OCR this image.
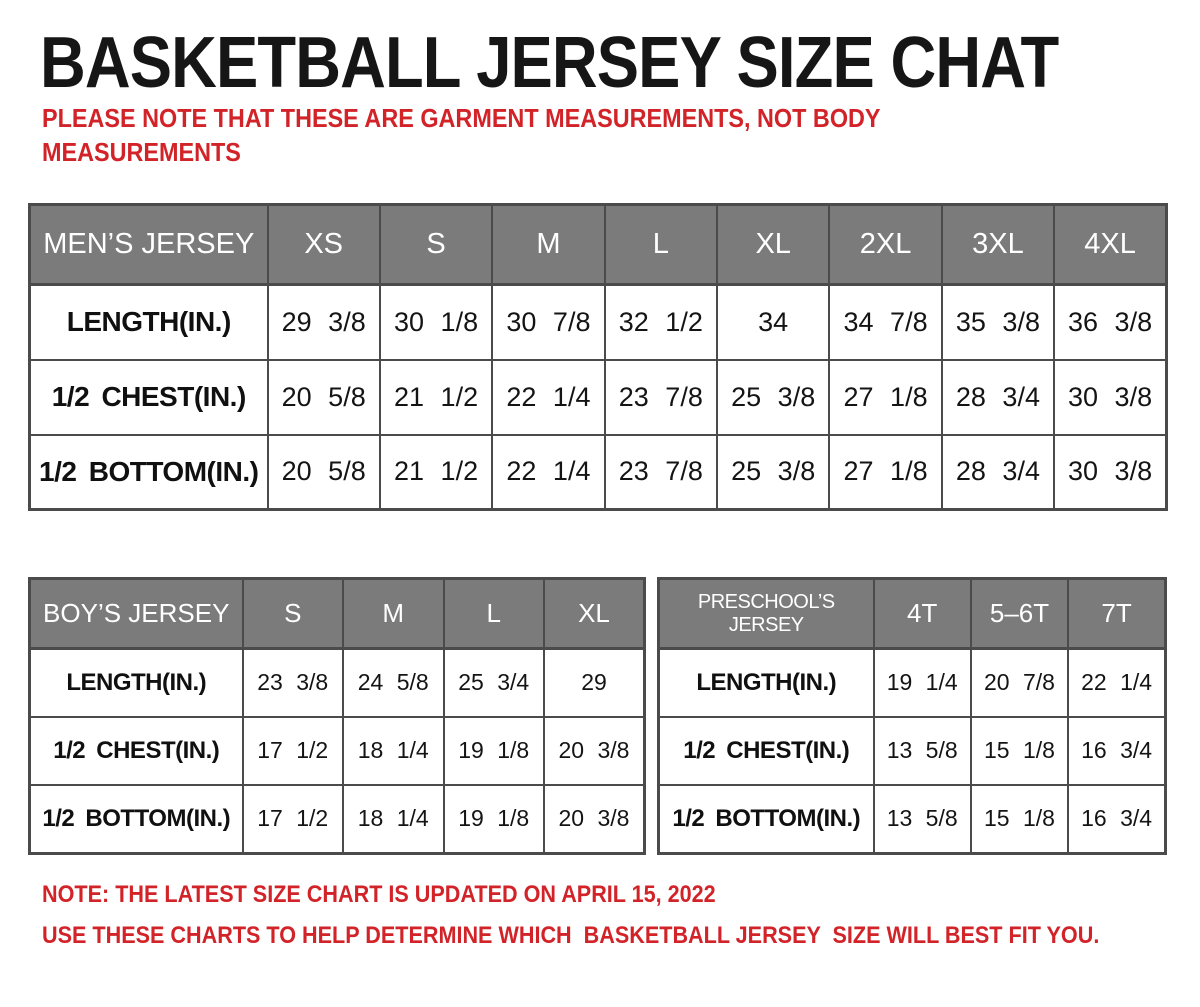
BASKETBALL JERSEY SIZE CHAT
PLEASE NOTE THAT THESE ARE GARMENT MEASUREMENTS, NOT BODY
MEASUREMENTS
MEN’S JERSEY	XS	S	M	L	XL	2XL	3XL	4XL
LENGTH(IN.)	29 3/8	30 1/8	30 7/8	32 1/2	34	34 7/8	35 3/8	36 3/8
1/2 CHEST(IN.)	20 5/8	21 1/2	22 1/4	23 7/8	25 3/8	27 1/8	28 3/4	30 3/8
1/2 BOTTOM(IN.)	20 5/8	21 1/2	22 1/4	23 7/8	25 3/8	27 1/8	28 3/4	30 3/8
BOY’S JERSEY	S	M	L	XL
LENGTH(IN.)	23 3/8	24 5/8	25 3/4	29
1/2 CHEST(IN.)	17 1/2	18 1/4	19 1/8	20 3/8
1/2 BOTTOM(IN.)	17 1/2	18 1/4	19 1/8	20 3/8
PRESCHOOL’S JERSEY	4T	5–6T	7T
LENGTH(IN.)	19 1/4	20 7/8	22 1/4
1/2 CHEST(IN.)	13 5/8	15 1/8	16 3/4
1/2 BOTTOM(IN.)	13 5/8	15 1/8	16 3/4
NOTE: THE LATEST SIZE CHART IS UPDATED ON APRIL 15, 2022
USE THESE CHARTS TO HELP DETERMINE WHICH  BASKETBALL JERSEY  SIZE WILL BEST FIT YOU.
